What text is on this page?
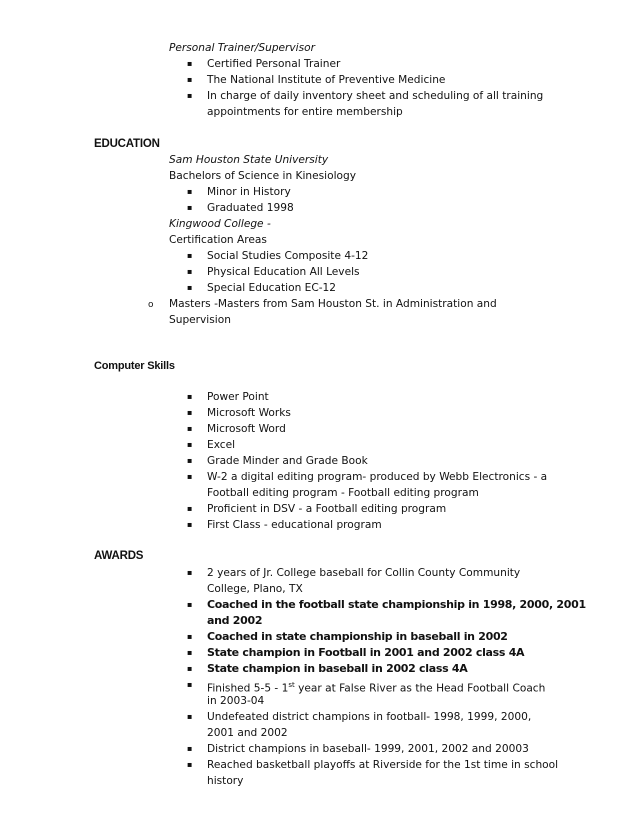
Personal Trainer/Supervisor
▪ Certified Personal Trainer
▪ The National Institute of Preventive Medicine
▪ In charge of daily inventory sheet and scheduling of all training
appointments for entire membership
EDUCATION
Sam Houston State University
Bachelors of Science in Kinesiology
▪ Minor in History
▪ Graduated 1998
Kingwood College -
Certification Areas
▪ Social Studies Composite 4-12
▪ Physical Education All Levels
▪ Special Education EC-12
o Masters -Masters from Sam Houston St. in Administration and
Supervision
Computer Skills
▪ Power Point
▪ Microsoft Works
▪ Microsoft Word
▪ Excel
▪ Grade Minder and Grade Book
▪ W-2 a digital editing program- produced by Webb Electronics - a
Football editing program - Football editing program
▪ Proficient in DSV - a Football editing program
▪ First Class - educational program
AWARDS
▪ 2 years of Jr. College baseball for Collin County Community
College, Plano, TX
▪ Coached in the football state championship in 1998, 2000, 2001
and 2002
▪ Coached in state championship in baseball in 2002
▪ State champion in Football in 2001 and 2002 class 4A
▪ State champion in baseball in 2002 class 4A
▪ Finished 5-5 - 1st year at False River as the Head Football Coach
in 2003-04
▪ Undefeated district champions in football- 1998, 1999, 2000,
2001 and 2002
▪ District champions in baseball- 1999, 2001, 2002 and 20003
▪ Reached basketball playoffs at Riverside for the 1st time in school
history
